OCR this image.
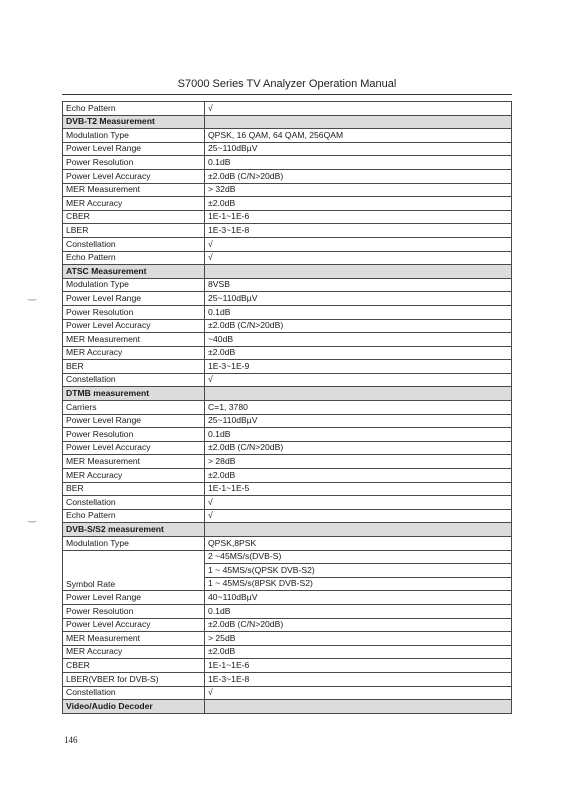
S7000 Series TV Analyzer Operation Manual
Echo Pattern	√
DVB-T2 Measurement	
Modulation Type	QPSK, 16 QAM, 64 QAM, 256QAM
Power Level Range	25~110dBµV
Power Resolution	0.1dB
Power Level Accuracy	±2.0dB (C/N>20dB)
MER Measurement	> 32dB
MER Accuracy	±2.0dB
CBER	1E-1~1E-6
LBER	1E-3~1E-8
Constellation	√
Echo Pattern	√
ATSC Measurement	
Modulation Type	8VSB
Power Level Range	25~110dBµV
Power Resolution	0.1dB
Power Level Accuracy	±2.0dB (C/N>20dB)
MER Measurement	~40dB
MER Accuracy	±2.0dB
BER	1E-3~1E-9
Constellation	√
DTMB measurement	
Carriers	C=1, 3780
Power Level Range	25~110dBµV
Power Resolution	0.1dB
Power Level Accuracy	±2.0dB (C/N>20dB)
MER Measurement	> 28dB
MER Accuracy	±2.0dB
BER	1E-1~1E-5
Constellation	√
Echo Pattern	√
DVB-S/S2 measurement	
Modulation Type	QPSK,8PSK
Symbol Rate	2 ~45MS/s(DVB-S)
	1 ~ 45MS/s(QPSK DVB-S2)
	1 ~ 45MS/s(8PSK DVB-S2)
Power Level Range	40~110dBµV
Power Resolution	0.1dB
Power Level Accuracy	±2.0dB (C/N>20dB)
MER Measurement	> 25dB
MER Accuracy	±2.0dB
CBER	1E-1~1E-6
LBER(VBER for DVB-S)	1E-3~1E-8
Constellation	√
Video/Audio Decoder	
146
‿
‿
